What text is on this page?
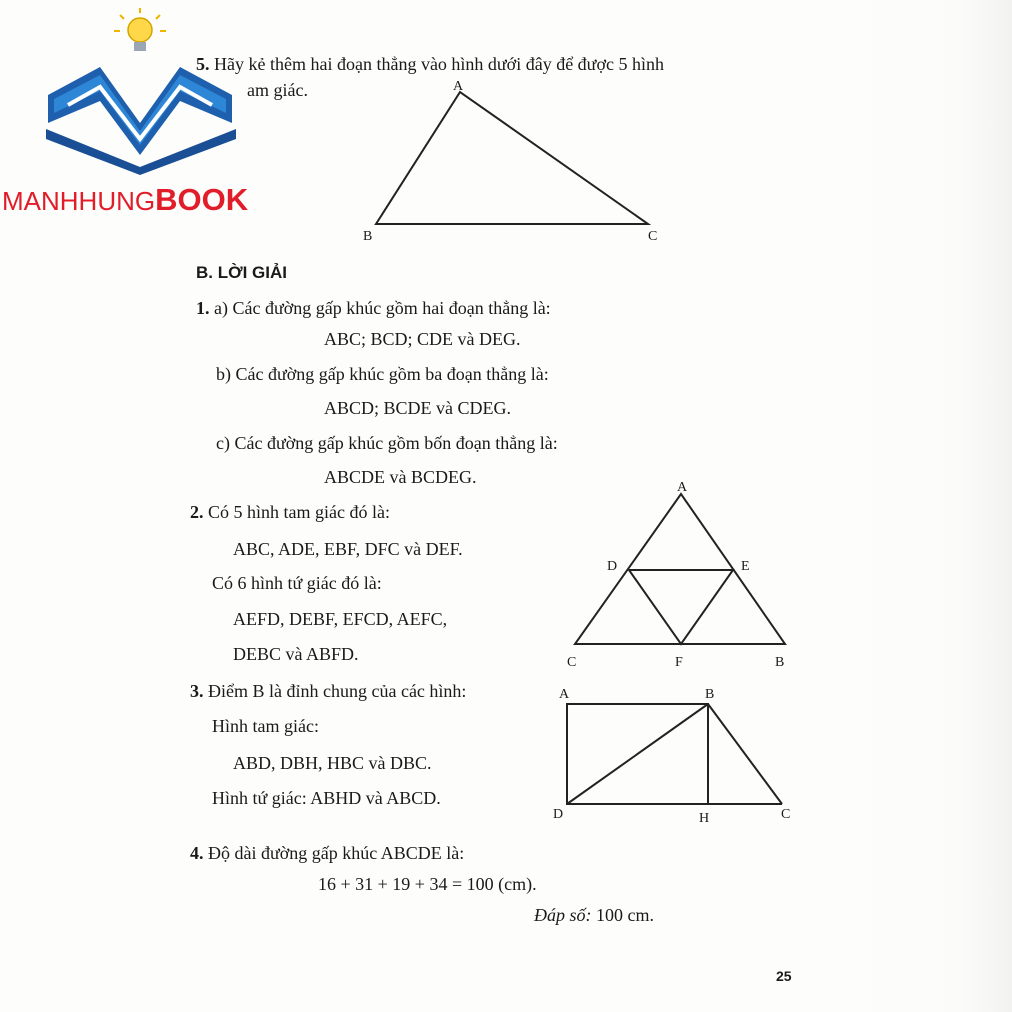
MANHHUNGBOOK
5. Hãy kẻ thêm hai đoạn thẳng vào hình dưới đây để được 5 hình
am giác.	A
B	C
B. LỜI GIẢI
1. a) Các đường gấp khúc gồm hai đoạn thẳng là:
ABC; BCD; CDE và DEG.
b) Các đường gấp khúc gồm ba đoạn thẳng là:
ABCD; BCDE và CDEG.
c) Các đường gấp khúc gồm bốn đoạn thẳng là:
ABCDE và BCDEG.
2. Có 5 hình tam giác đó là:
ABC, ADE, EBF, DFC và DEF.
Có 6 hình tứ giác đó là:
AEFD, DEBF, EFCD, AEFC,
DEBC và ABFD.
A
D	E
C	F	B
3. Điểm B là đỉnh chung của các hình:
Hình tam giác:
ABD, DBH, HBC và DBC.
Hình tứ giác: ABHD và ABCD.
A	B
D	H	C
4. Độ dài đường gấp khúc ABCDE là:
16 + 31 + 19 + 34 = 100 (cm).
Đáp số: 100 cm.
25
